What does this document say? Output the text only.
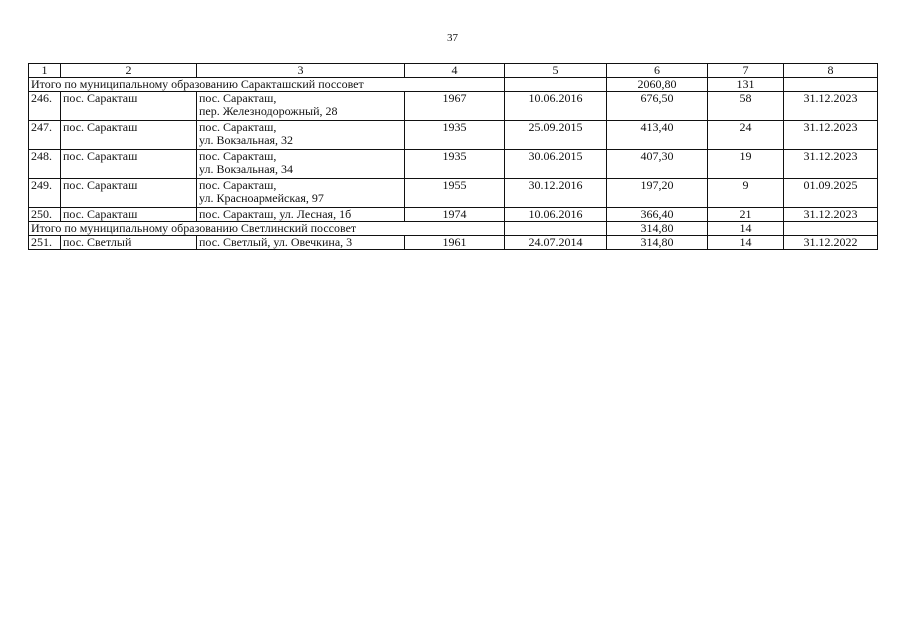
37
1	2	3	4	5	6	7	8
Итого по муниципальному образованию Саракташский поссовет					2060,80	131	
246.	пос. Саракташ	пос. Саракташ,
пер. Железнодорожный, 28	1967	10.06.2016	676,50	58	31.12.2023
247.	пос. Саракташ	пос. Саракташ,
ул. Вокзальная, 32	1935	25.09.2015	413,40	24	31.12.2023
248.	пос. Саракташ	пос. Саракташ,
ул. Вокзальная, 34	1935	30.06.2015	407,30	19	31.12.2023
249.	пос. Саракташ	пос. Саракташ,
ул. Красноармейская, 97	1955	30.12.2016	197,20	9	01.09.2025
250.	пос. Саракташ	пос. Саракташ, ул. Лесная, 1б	1974	10.06.2016	366,40	21	31.12.2023
Итого по муниципальному образованию Светлинский поссовет					314,80	14	
251.	пос. Светлый	пос. Светлый, ул. Овечкина, 3	1961	24.07.2014	314,80	14	31.12.2022
